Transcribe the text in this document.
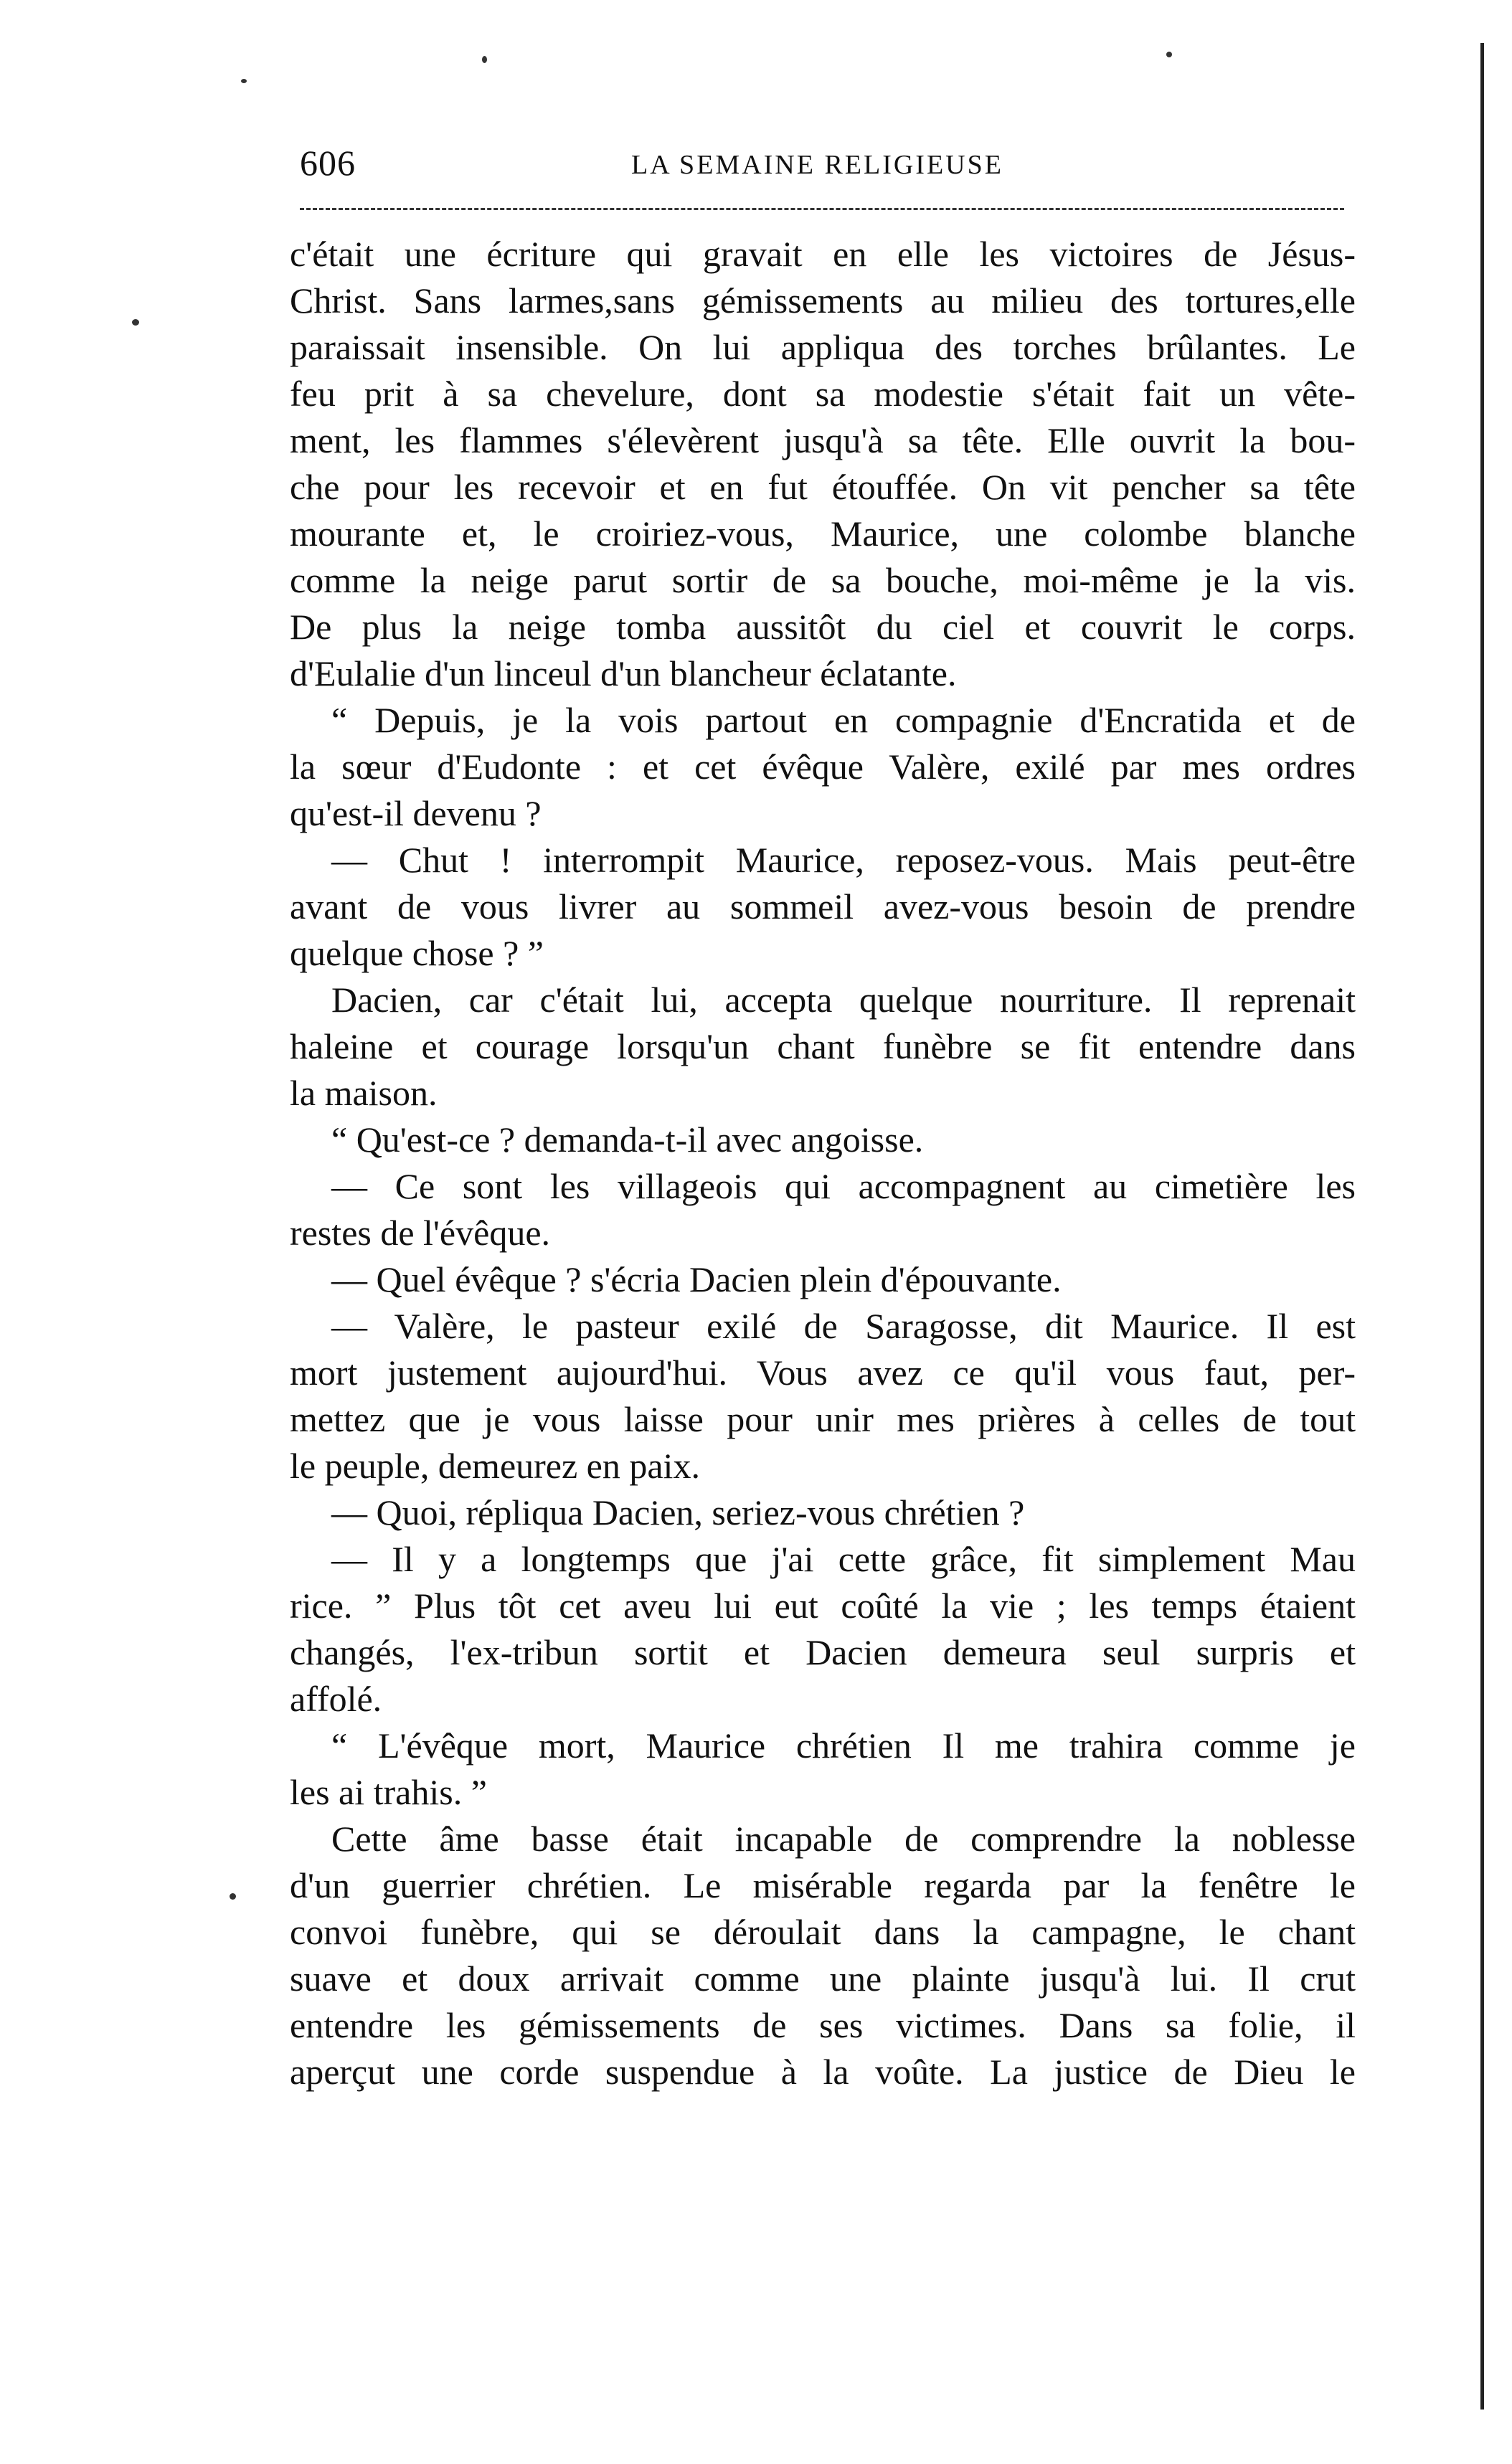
606	LA SEMAINE RELIGIEUSE
c'était une écriture qui gravait en elle les victoires de Jésus-
Christ. Sans larmes,sans gémissements au milieu des tortures,elle
paraissait insensible. On lui appliqua des torches brûlantes. Le
feu prit à sa chevelure, dont sa modestie s'était fait un vête-
ment, les flammes s'élevèrent jusqu'à sa tête. Elle ouvrit la bou-
che pour les recevoir et en fut étouffée. On vit pencher sa tête
mourante et, le croiriez-vous, Maurice, une colombe blanche
comme la neige parut sortir de sa bouche, moi-même je la vis.
De plus la neige tomba aussitôt du ciel et couvrit le corps.
d'Eulalie d'un linceul d'un blancheur éclatante.
“ Depuis, je la vois partout en compagnie d'Encratida et de
la sœur d'Eudonte : et cet évêque Valère, exilé par mes ordres
qu'est-il devenu ?
— Chut ! interrompit Maurice, reposez-vous. Mais peut-être
avant de vous livrer au sommeil avez-vous besoin de prendre
quelque chose ? ”
Dacien, car c'était lui, accepta quelque nourriture. Il reprenait
haleine et courage lorsqu'un chant funèbre se fit entendre dans
la maison.
“ Qu'est-ce ? demanda-t-il avec angoisse.
— Ce sont les villageois qui accompagnent au cimetière les
restes de l'évêque.
— Quel évêque ? s'écria Dacien plein d'épouvante.
— Valère, le pasteur exilé de Saragosse, dit Maurice. Il est
mort justement aujourd'hui. Vous avez ce qu'il vous faut, per-
mettez que je vous laisse pour unir mes prières à celles de tout
le peuple, demeurez en paix.
— Quoi, répliqua Dacien, seriez-vous chrétien ?
— Il y a longtemps que j'ai cette grâce, fit simplement Mau
rice. ” Plus tôt cet aveu lui eut coûté la vie ; les temps étaient
changés, l'ex-tribun sortit et Dacien demeura seul surpris et
affolé.
“ L'évêque mort, Maurice chrétien Il me trahira comme je
les ai trahis. ”
Cette âme basse était incapable de comprendre la noblesse
d'un guerrier chrétien. Le misérable regarda par la fenêtre le
convoi funèbre, qui se déroulait dans la campagne, le chant
suave et doux arrivait comme une plainte jusqu'à lui. Il crut
entendre les gémissements de ses victimes. Dans sa folie, il
aperçut une corde suspendue à la voûte. La justice de Dieu le
